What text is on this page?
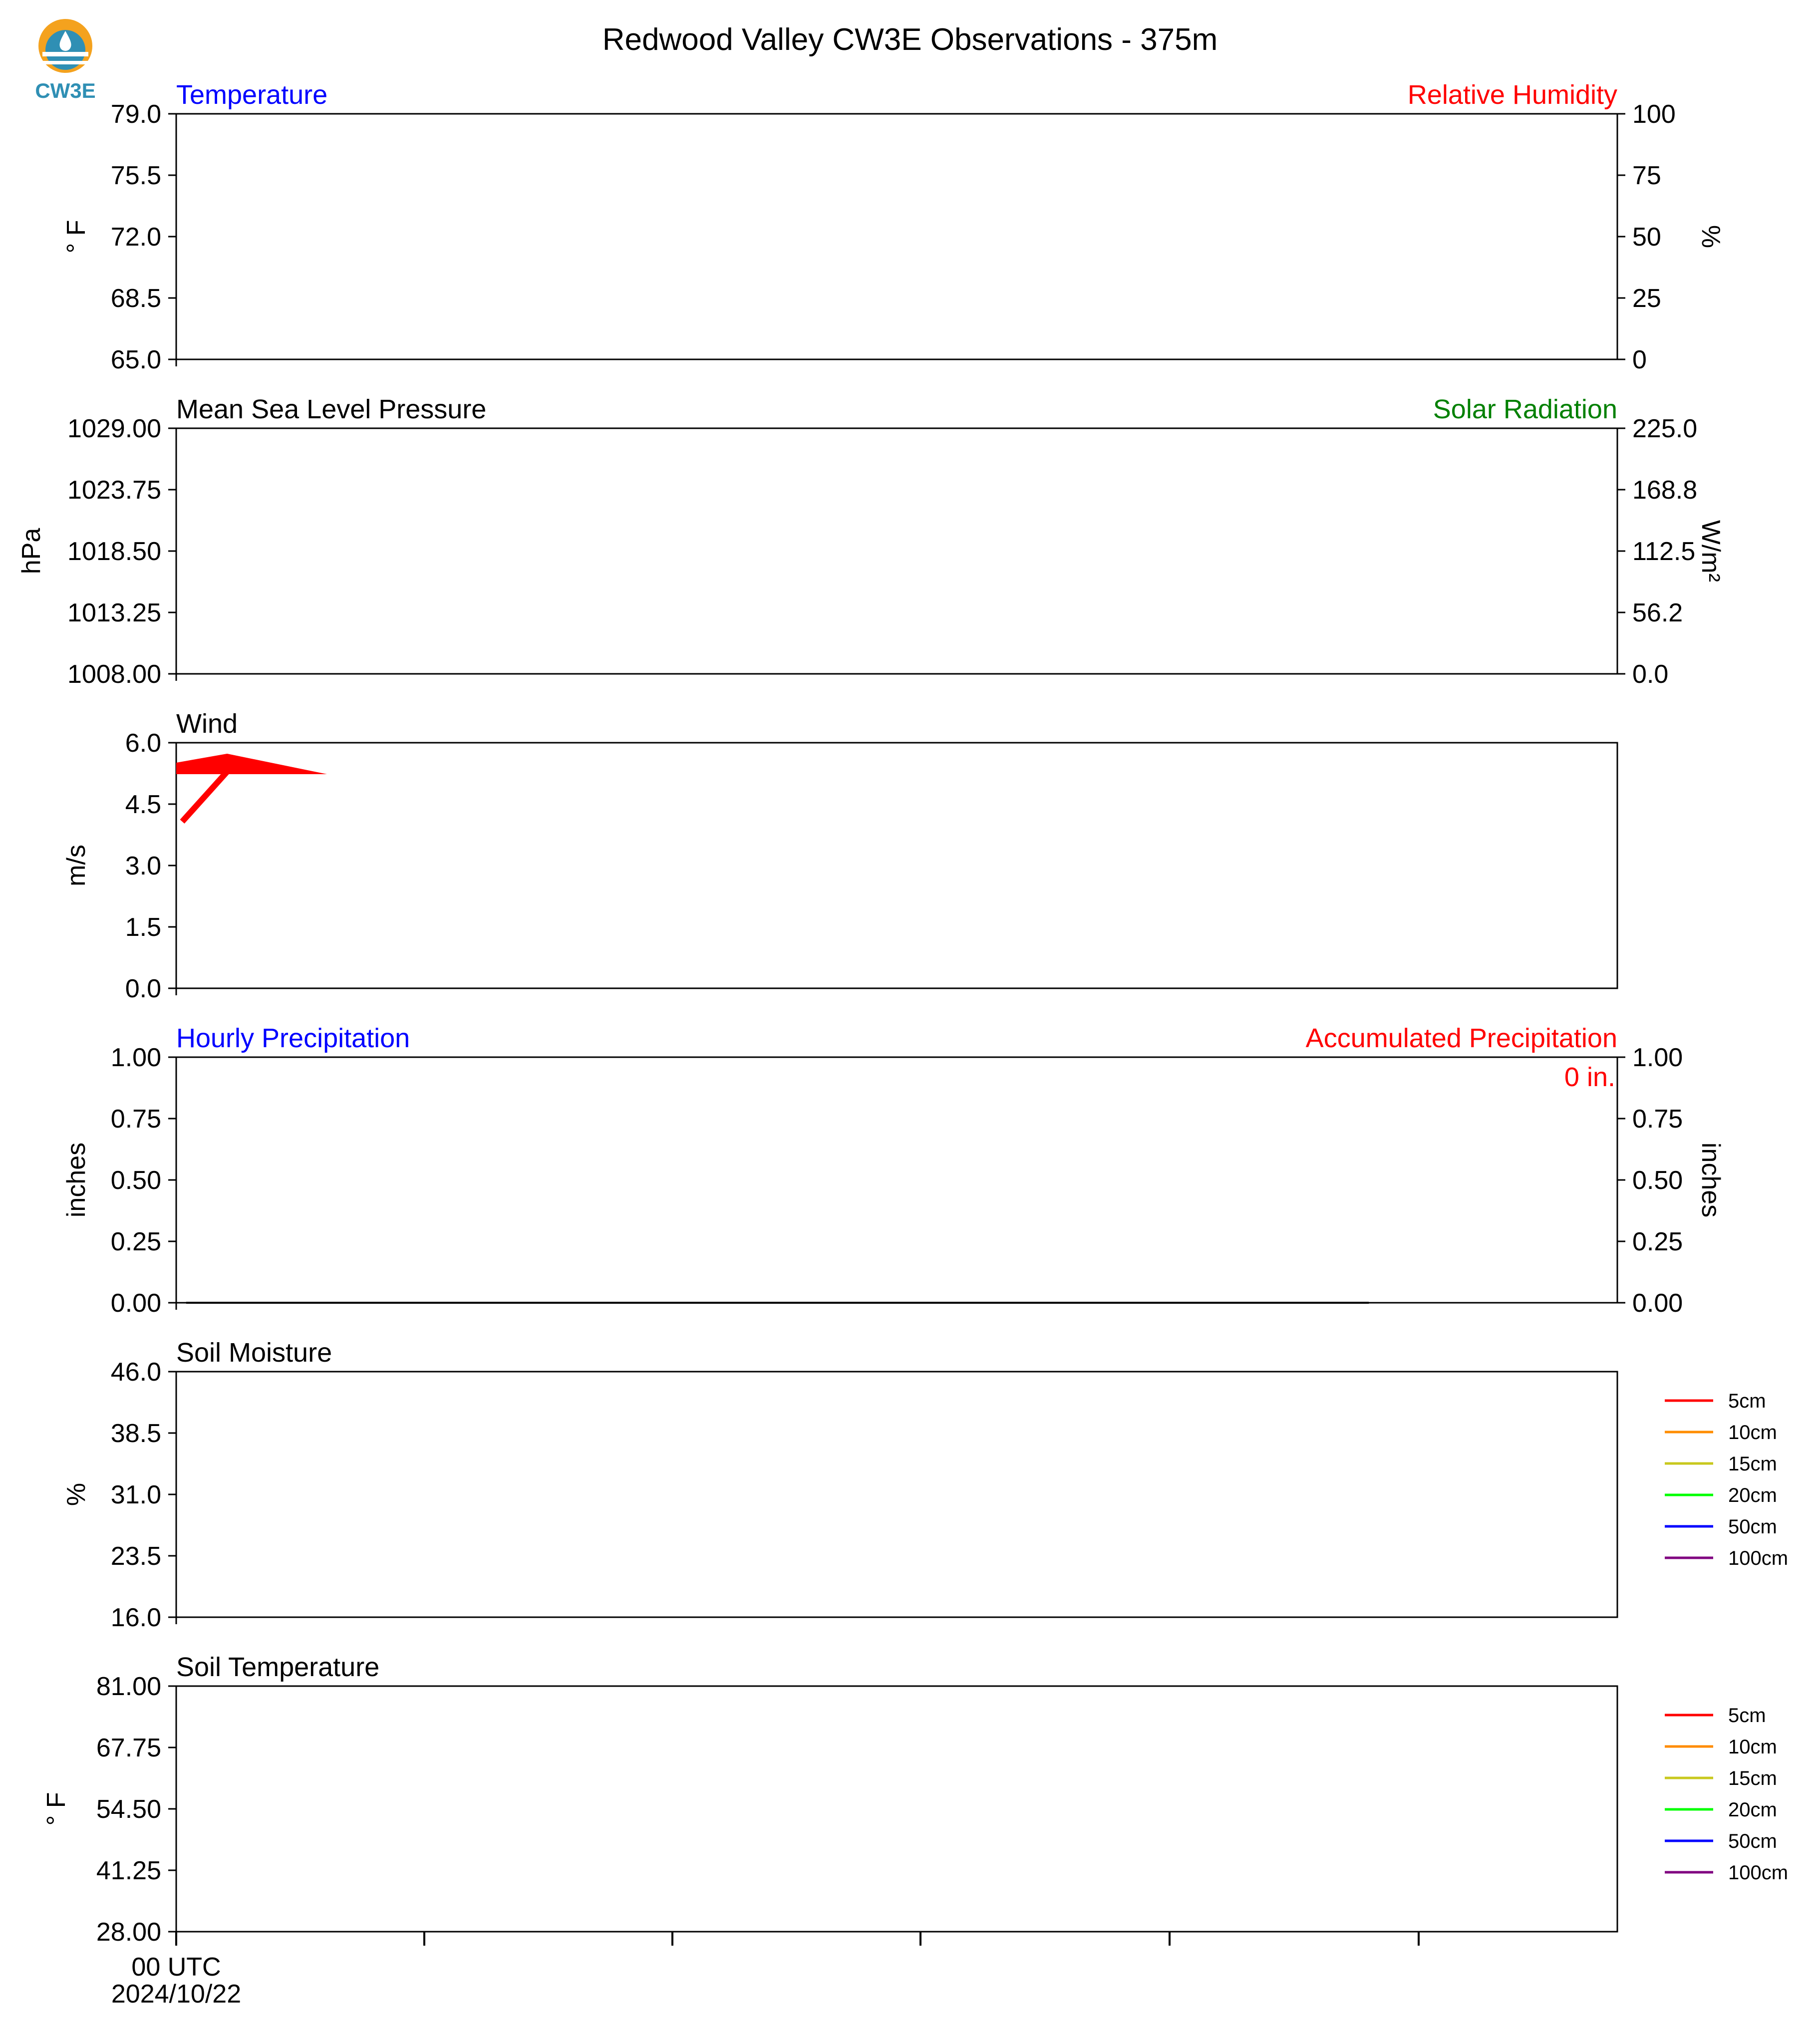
CW3E
Redwood Valley CW3E Observations - 375m
Temperature	Relative Humidity
79.0
75.5
72.0
68.5
65.0
° F
100
75
50
25
0
%
Mean Sea Level Pressure	Solar Radiation
1029.00
1023.75
1018.50
1013.25
1008.00
hPa
225.0
168.8
112.5
56.2
0.0
W/m²
Wind
6.0
4.5
3.0
1.5
0.0
m/s
Hourly Precipitation	Accumulated Precipitation
1.00
0.75
0.50
0.25
0.00
inches
1.00
0.75
0.50
0.25
0.00
inches
0 in.
Soil Moisture
46.0
38.5
31.0
23.5
16.0
%
5cm
10cm
15cm
20cm
50cm
100cm
Soil Temperature
81.00
67.75
54.50
41.25
28.00
° F
5cm
10cm
15cm
20cm
50cm
100cm
00 UTC
2024/10/22
